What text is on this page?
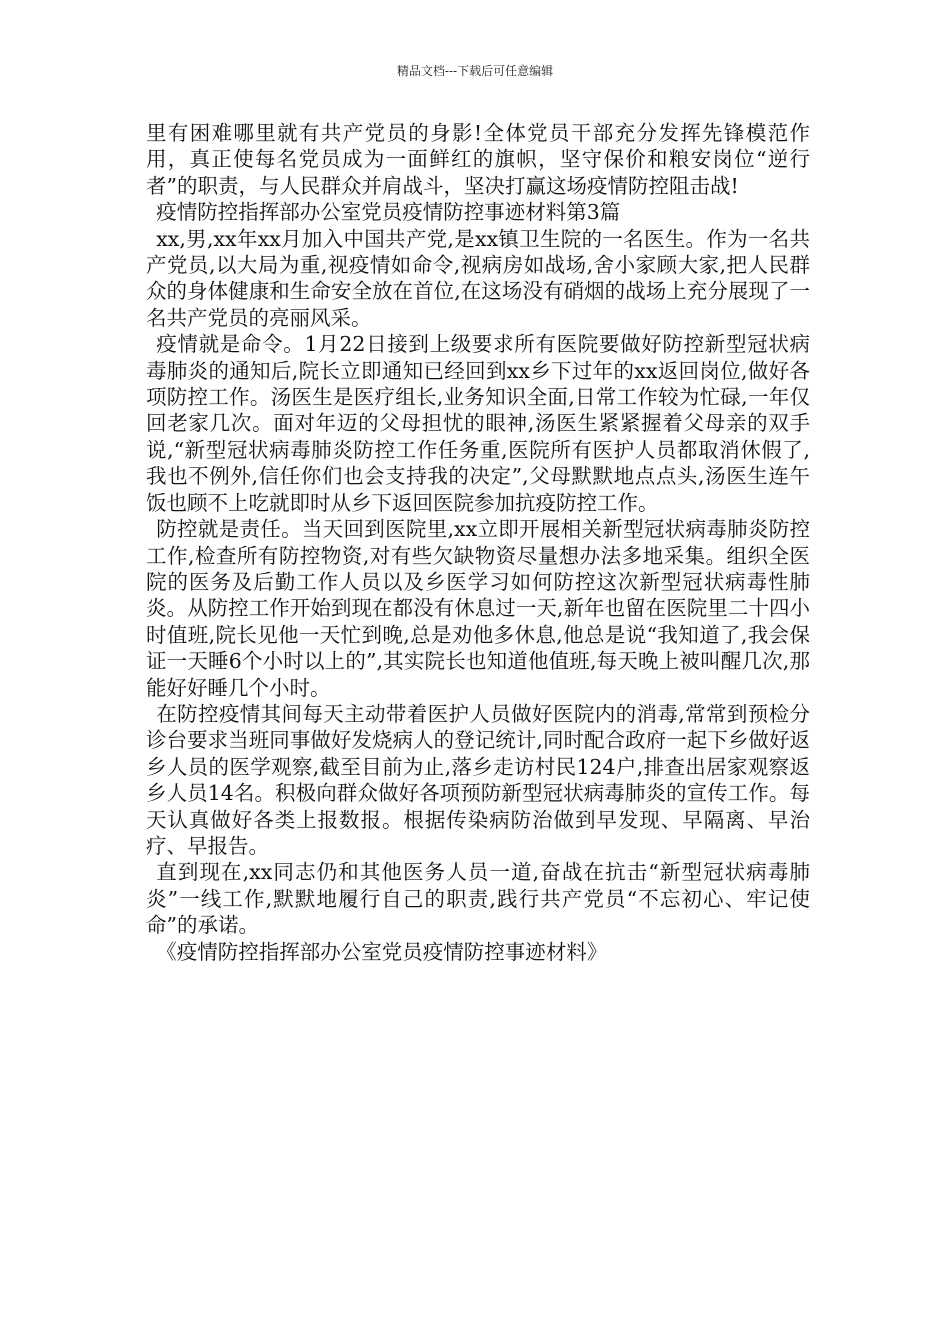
精品文档---下载后可任意编辑

里有困难哪里就有共产党员的身影!全体党员干部充分发挥先锋模范作用，真正使每名党员成为一面鲜红的旗帜，坚守保价和粮安岗位“逆行者”的职责，与人民群众并肩战斗，坚决打赢这场疫情防控阻击战!

疫情防控指挥部办公室党员疫情防控事迹材料第3篇

xx,男,xx年xx月加入中国共产党,是xx镇卫生院的一名医生。作为一名共产党员,以大局为重,视疫情如命令,视病房如战场,舍小家顾大家,把人民群众的身体健康和生命安全放在首位,在这场没有硝烟的战场上充分展现了一名共产党员的亮丽风采。

疫情就是命令。1月22日接到上级要求所有医院要做好防控新型冠状病毒肺炎的通知后,院长立即通知已经回到xx乡下过年的xx返回岗位,做好各项防控工作。汤医生是医疗组长,业务知识全面,日常工作较为忙碌,一年仅回老家几次。面对年迈的父母担忧的眼神,汤医生紧紧握着父母亲的双手说,“新型冠状病毒肺炎防控工作任务重,医院所有医护人员都取消休假了,我也不例外,信任你们也会支持我的决定”,父母默默地点点头,汤医生连午饭也顾不上吃就即时从乡下返回医院参加抗疫防控工作。

防控就是责任。当天回到医院里,xx立即开展相关新型冠状病毒肺炎防控工作,检查所有防控物资,对有些欠缺物资尽量想办法多地采集。组织全医院的医务及后勤工作人员以及乡医学习如何防控这次新型冠状病毒性肺炎。从防控工作开始到现在都没有休息过一天,新年也留在医院里二十四小时值班,院长见他一天忙到晚,总是劝他多休息,他总是说“我知道了,我会保证一天睡6个小时以上的”,其实院长也知道他值班,每天晚上被叫醒几次,那能好好睡几个小时。

在防控疫情其间每天主动带着医护人员做好医院内的消毒,常常到预检分诊台要求当班同事做好发烧病人的登记统计,同时配合政府一起下乡做好返乡人员的医学观察,截至目前为止,落乡走访村民124户,排查出居家观察返乡人员14名。积极向群众做好各项预防新型冠状病毒肺炎的宣传工作。每天认真做好各类上报数报。根据传染病防治做到早发现、早隔离、早治疗、早报告。

直到现在,xx同志仍和其他医务人员一道,奋战在抗击“新型冠状病毒肺炎”一线工作,默默地履行自己的职责,践行共产党员“不忘初心、牢记使命”的承诺。

《疫情防控指挥部办公室党员疫情防控事迹材料》
